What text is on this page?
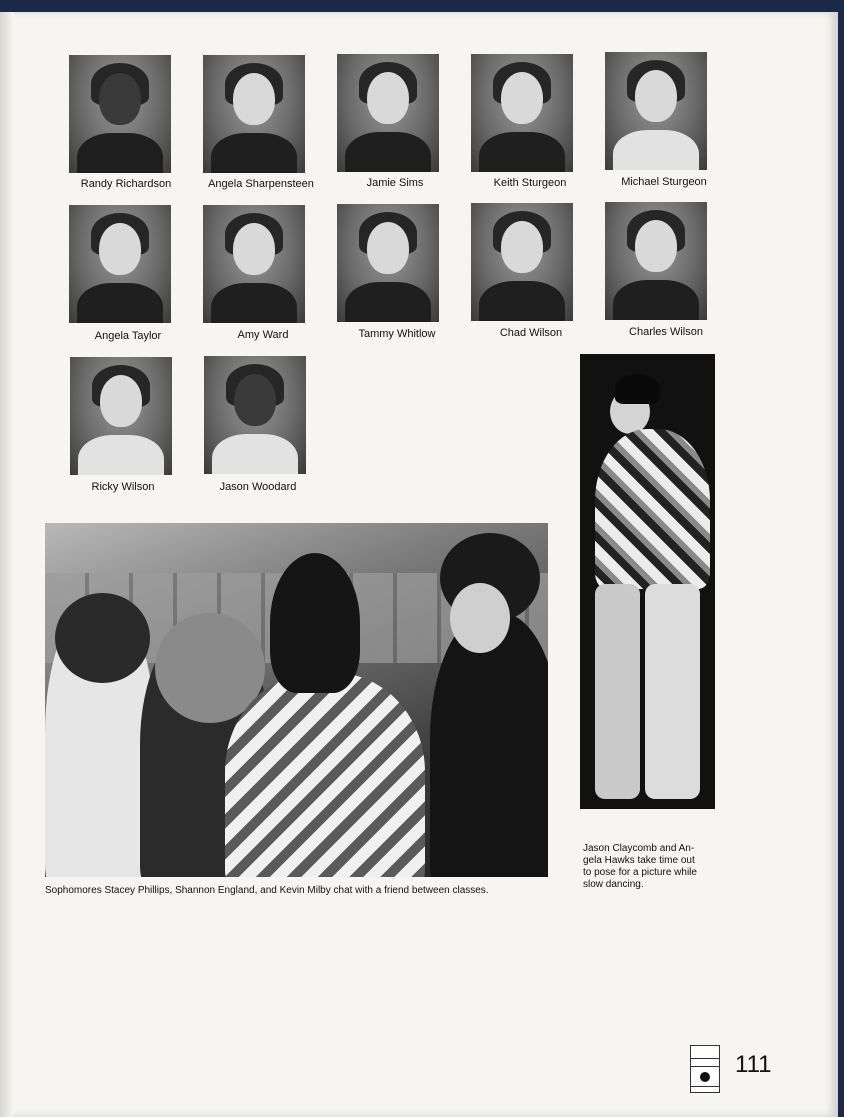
Randy Richardson	Angela Sharpensteen	Jamie Sims	Keith Sturgeon	Michael Sturgeon
Angela Taylor	Amy Ward	Tammy Whitlow	Chad Wilson	Charles Wilson
Ricky Wilson	Jason Woodard
Sophomores Stacey Phillips, Shannon England, and Kevin Milby chat with a friend between classes.
Jason Claycomb and An-
gela Hawks take time out
to pose for a picture while
slow dancing.
111
